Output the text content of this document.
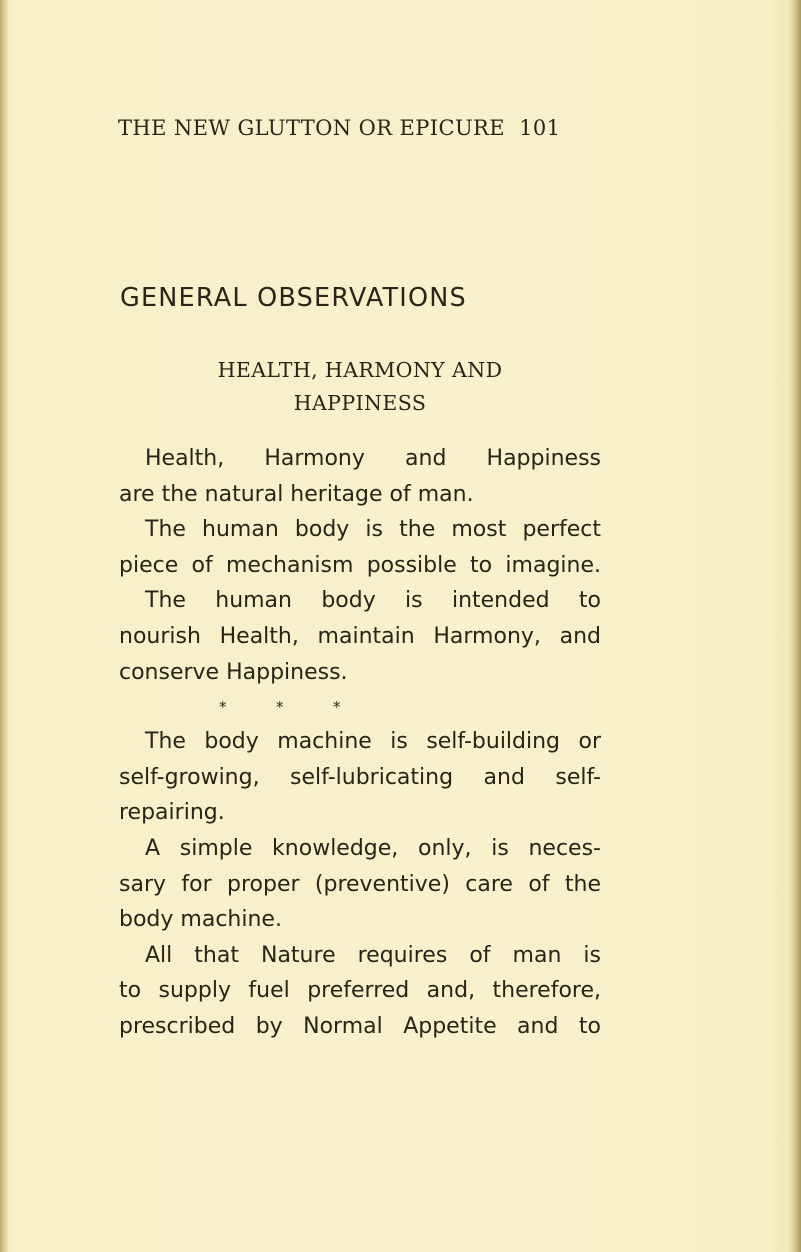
THE NEW GLUTTON OR EPICURE 101
GENERAL OBSERVATIONS
HEALTH, HARMONY AND
HAPPINESS
Health, Harmony and Happiness
are the natural heritage of man.
The human body is the most perfect
piece of mechanism possible to imagine.
The human body is intended to
nourish Health, maintain Harmony, and
conserve Happiness.
*	*	*
The body machine is self-building or
self-growing, self-lubricating and self-
repairing.
A simple knowledge, only, is neces-
sary for proper (preventive) care of the
body machine.
All that Nature requires of man is
to supply fuel preferred and, therefore,
prescribed by Normal Appetite and to
